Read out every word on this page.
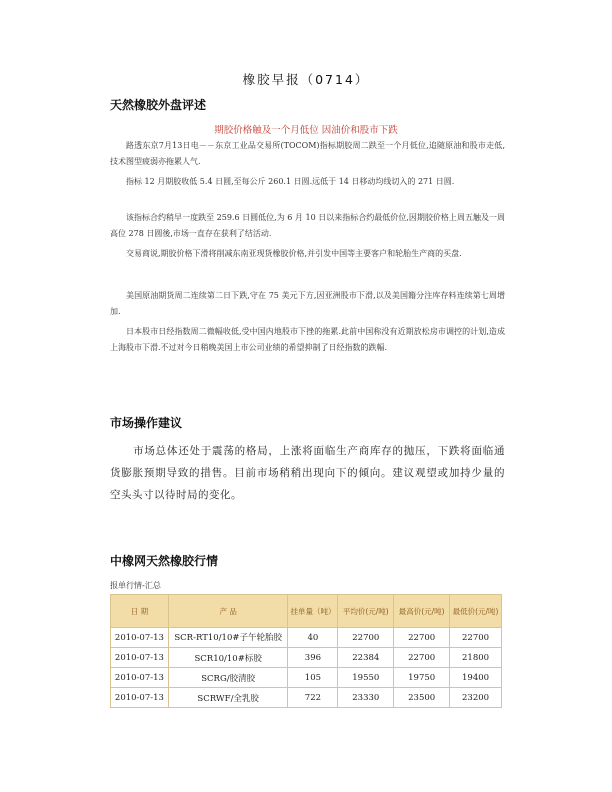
橡胶早报（0714）
天然橡胶外盘评述
期胶价格触及一个月低位 因油价和股市下跌

路透东京7月13日电－－东京工业品交易所(TOCOM)指标期胶周二跌至一个月低位,追随原油和股市走低,技术图型疲弱亦拖累人气.

指标 12 月期胶收低 5.4 日圆,至每公斤 260.1 日圆.远低于 14 日移动均线切入的 271 日圆.

该指标合约稍早一度跌至 259.6 日圆低位,为 6 月 10 日以来指标合约最低价位,因期胶价格上周五触及一周高位 278 日圆後,市场一直存在获利了结活动.

交易商说,期胶价格下滑将削减东南亚现货橡胶价格,并引发中国等主要客户和轮胎生产商的买盘.

美国原油期货周二连续第二日下跌,守在 75 美元下方,因亚洲股市下滑,以及美国籍分注库存料连续第七周增加.

日本股市日经指数周二微幅收低,受中国内地股市下挫的拖累.此前中国称没有近期放松房市调控的计划,造成上海股市下滑.不过对今日稍晚美国上市公司业绩的希望抑制了日经指数的跌幅.

市场操作建议

市场总体还处于震荡的格局，上涨将面临生产商库存的抛压，下跌将面临通货膨胀预期导致的措售。目前市场稍稍出现向下的倾向。建议观望或加持少量的空头头寸以待时局的变化。

中橡网天然橡胶行情
报单行情-汇总
日 期	产 品	挂单量（吨）	平均价(元/吨)	最高价(元/吨)	最低价(元/吨)
2010-07-13	SCR-RT10/10#子午轮胎胶	40	22700	22700	22700
2010-07-13	SCR10/10#标胶	396	22384	22700	21800
2010-07-13	SCRG/胶清胶	105	19550	19750	19400
2010-07-13	SCRWF/全乳胶	722	23330	23500	23200
